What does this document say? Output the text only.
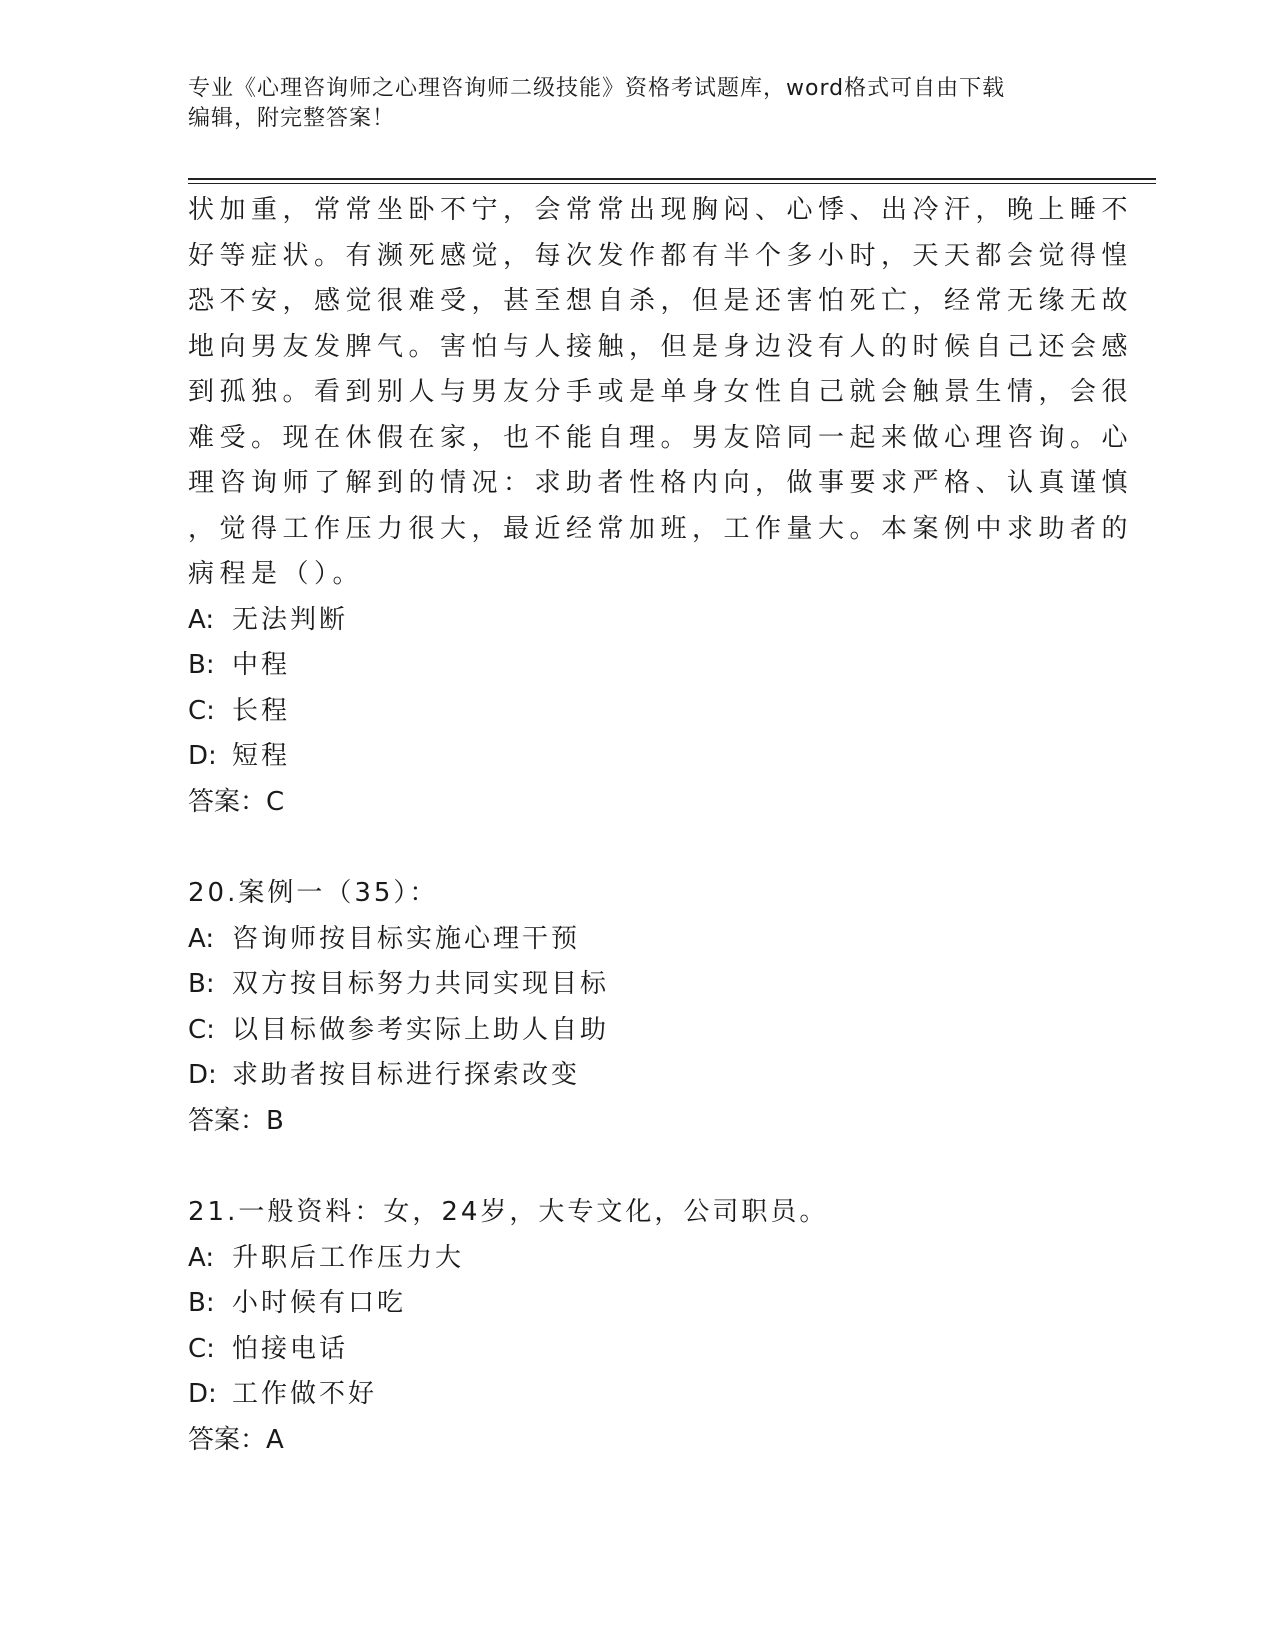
专业《心理咨询师之心理咨询师二级技能》资格考试题库，word格式可自由下载
编辑，附完整答案！
状加重，常常坐卧不宁，会常常出现胸闷、心悸、出冷汗，晚上睡不
好等症状。有濒死感觉，每次发作都有半个多小时，天天都会觉得惶
恐不安，感觉很难受，甚至想自杀，但是还害怕死亡，经常无缘无故
地向男友发脾气。害怕与人接触，但是身边没有人的时候自己还会感
到孤独。看到别人与男友分手或是单身女性自己就会触景生情，会很
难受。现在休假在家，也不能自理。男友陪同一起来做心理咨询。心
理咨询师了解到的情况：求助者性格内向，做事要求严格、认真谨慎
，觉得工作压力很大，最近经常加班，工作量大。本案例中求助者的
病程是（）。
A: 无法判断
B: 中程
C: 长程
D: 短程
答案：C
20.案例一（35）：
A: 咨询师按目标实施心理干预
B: 双方按目标努力共同实现目标
C: 以目标做参考实际上助人自助
D: 求助者按目标进行探索改变
答案：B
21.一般资料：女，24岁，大专文化，公司职员。
A: 升职后工作压力大
B: 小时候有口吃
C: 怕接电话
D: 工作做不好
答案：A
